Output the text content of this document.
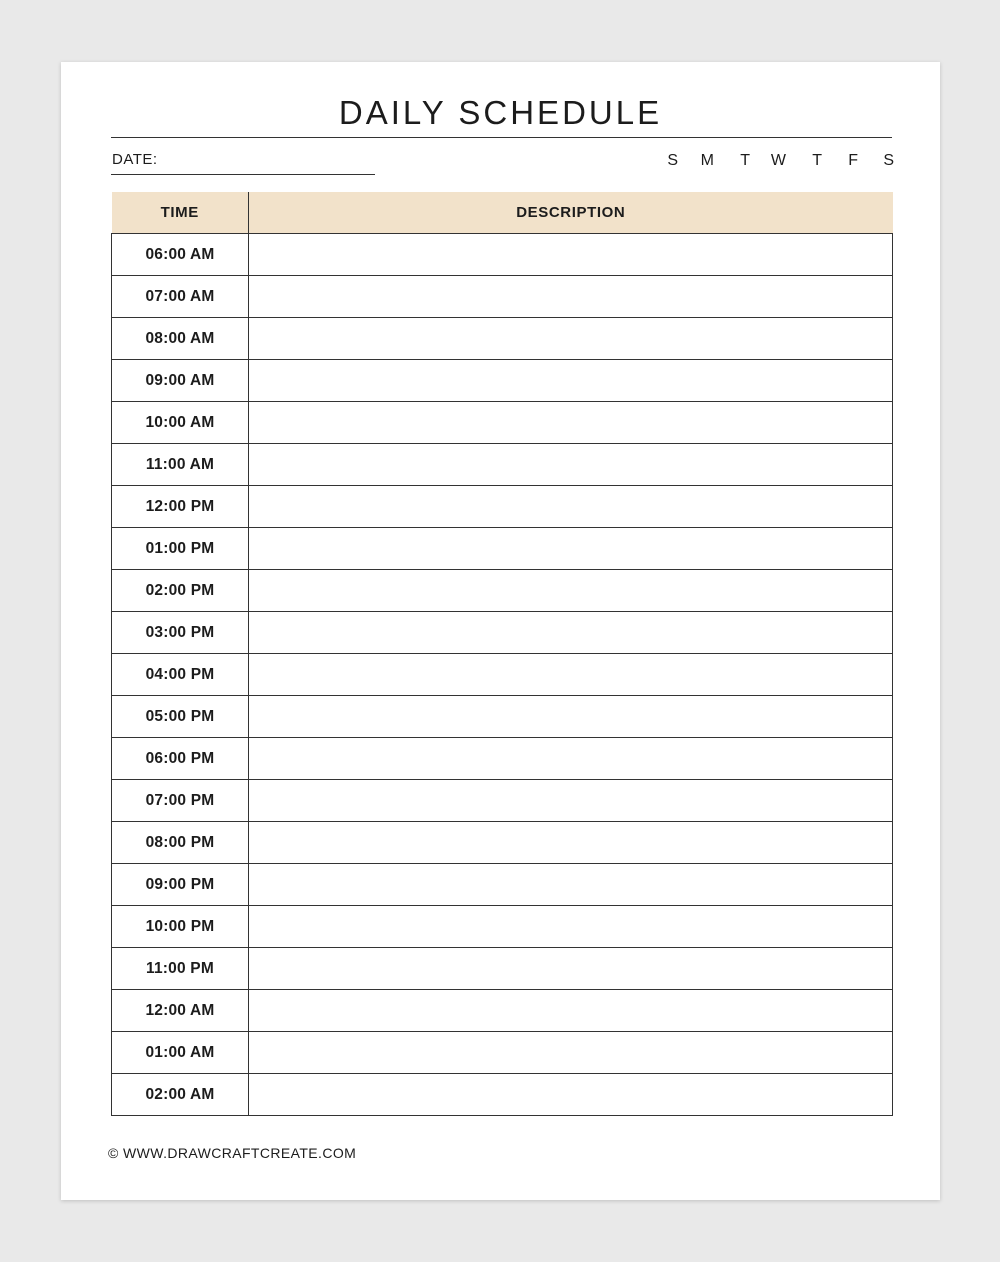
DAILY SCHEDULE
DATE:	S	M	T	W	T	F	S
TIME	DESCRIPTION
06:00 AM	
07:00 AM	
08:00 AM	
09:00 AM	
10:00 AM	
11:00 AM	
12:00 PM	
01:00 PM	
02:00 PM	
03:00 PM	
04:00 PM	
05:00 PM	
06:00 PM	
07:00 PM	
08:00 PM	
09:00 PM	
10:00 PM	
11:00 PM	
12:00 AM	
01:00 AM	
02:00 AM	
© WWW.DRAWCRAFTCREATE.COM
